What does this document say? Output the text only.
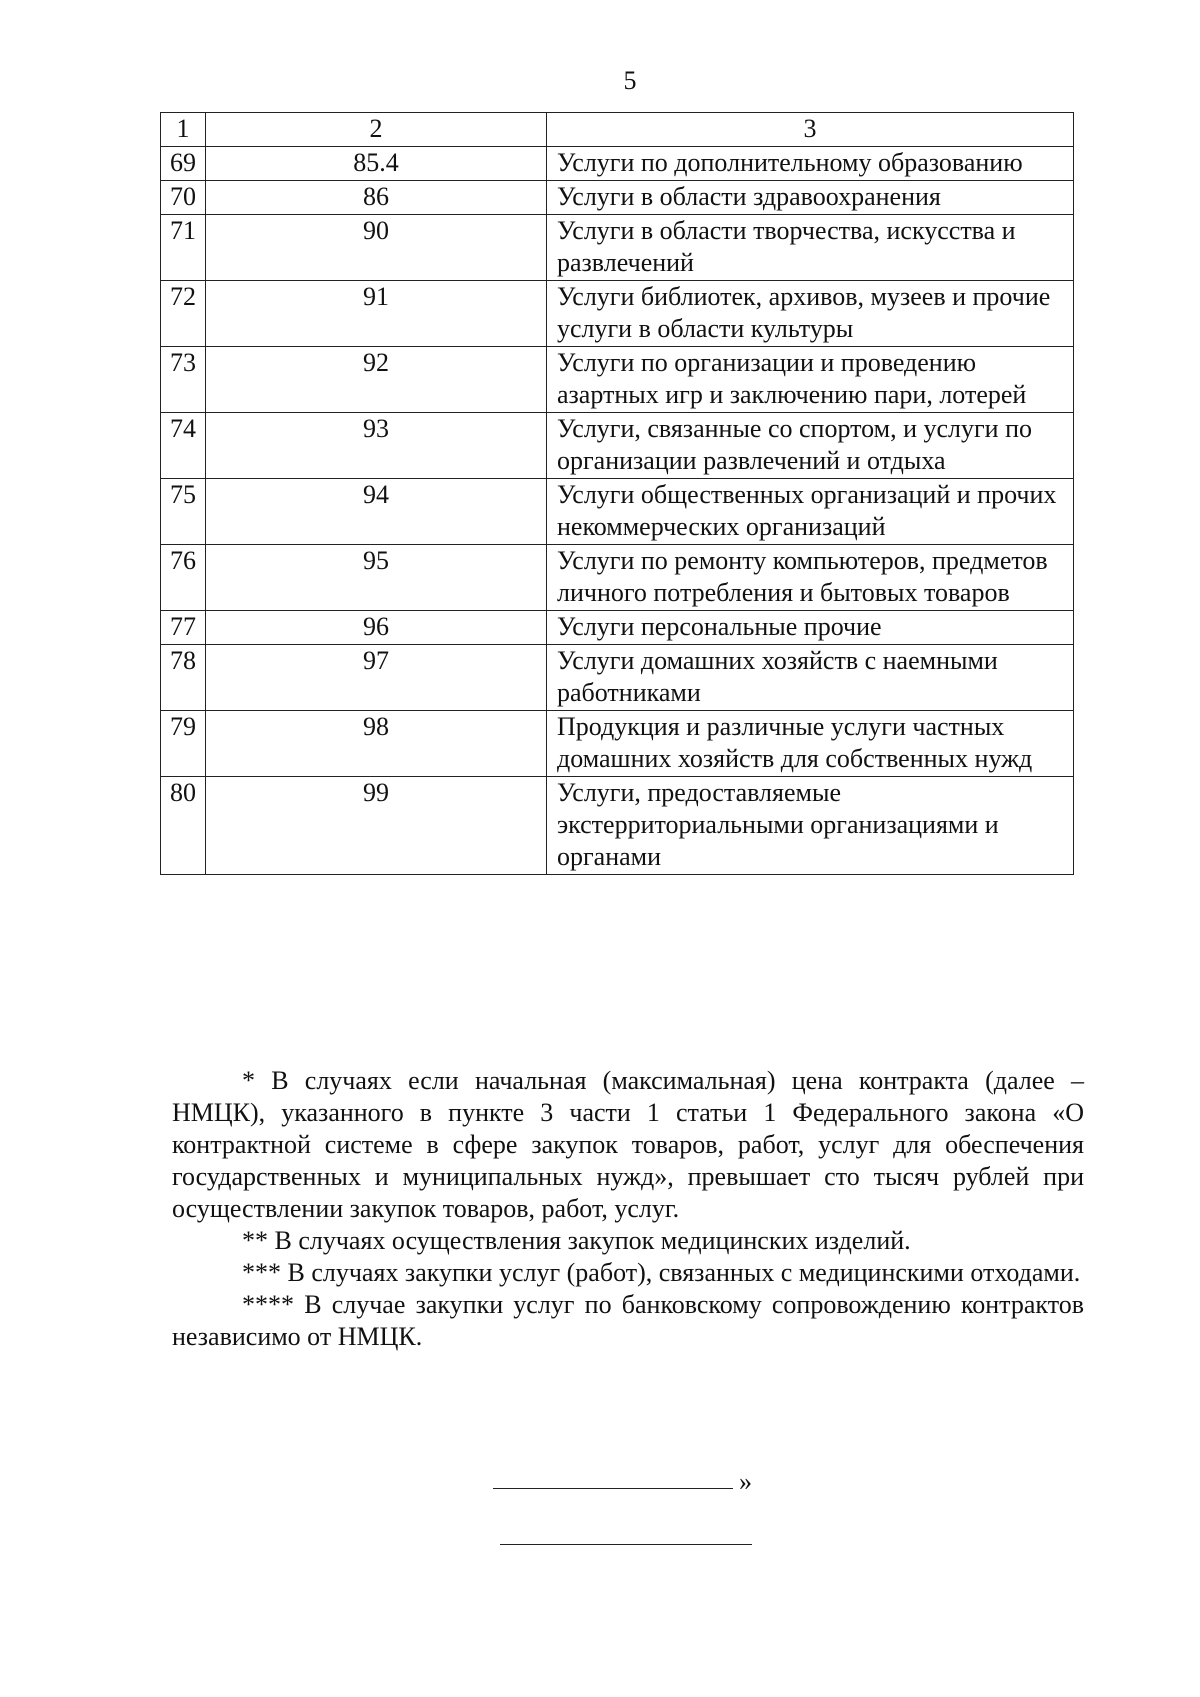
5
1	2	3
69	85.4	Услуги по дополнительному образованию
70	86	Услуги в области здравоохранения
71	90	Услуги в области творчества, искусства и развлечений
72	91	Услуги библиотек, архивов, музеев и прочие услуги в области культуры
73	92	Услуги по организации и проведению азартных игр и заключению пари, лотерей
74	93	Услуги, связанные со спортом, и услуги по организации развлечений и отдыха
75	94	Услуги общественных организаций и прочих некоммерческих организаций
76	95	Услуги по ремонту компьютеров, предметов личного потребления и бытовых товаров
77	96	Услуги персональные прочие
78	97	Услуги домашних хозяйств с наемными работниками
79	98	Продукция и различные услуги частных домашних хозяйств для собственных нужд
80	99	Услуги, предоставляемые экстерриториальными организациями и органами

* В случаях если начальная (максимальная) цена контракта (далее – НМЦК), указанного в пункте 3 части 1 статьи 1 Федерального закона «О контрактной системе в сфере закупок товаров, работ, услуг для обеспечения государственных и муниципальных нужд», превышает сто тысяч рублей при осуществлении закупок товаров, работ, услуг.

** В случаях осуществления закупок медицинских изделий.

*** В случаях закупки услуг (работ), связанных с медицинскими отходами.

**** В случае закупки услуг по банковскому сопровождению контрактов независимо от НМЦК.

»
